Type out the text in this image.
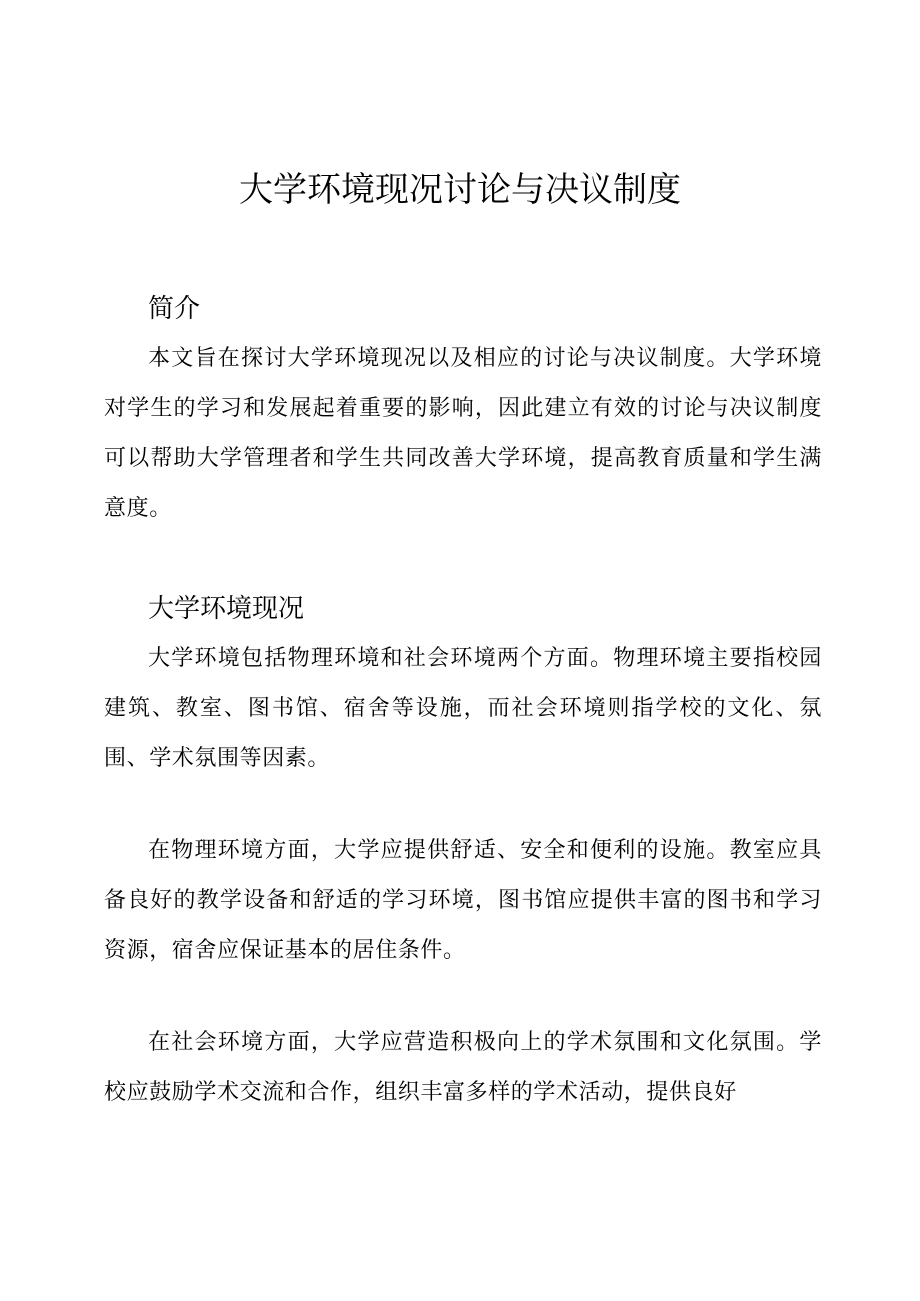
大学环境现况讨论与决议制度
简介

本文旨在探讨大学环境现况以及相应的讨论与决议制度。大学环境对学生的学习和发展起着重要的影响，因此建立有效的讨论与决议制度可以帮助大学管理者和学生共同改善大学环境，提高教育质量和学生满意度。

大学环境现况

大学环境包括物理环境和社会环境两个方面。物理环境主要指校园建筑、教室、图书馆、宿舍等设施，而社会环境则指学校的文化、氛围、学术氛围等因素。

在物理环境方面，大学应提供舒适、安全和便利的设施。教室应具备良好的教学设备和舒适的学习环境，图书馆应提供丰富的图书和学习资源，宿舍应保证基本的居住条件。

在社会环境方面，大学应营造积极向上的学术氛围和文化氛围。学校应鼓励学术交流和合作，组织丰富多样的学术活动，提供良好
